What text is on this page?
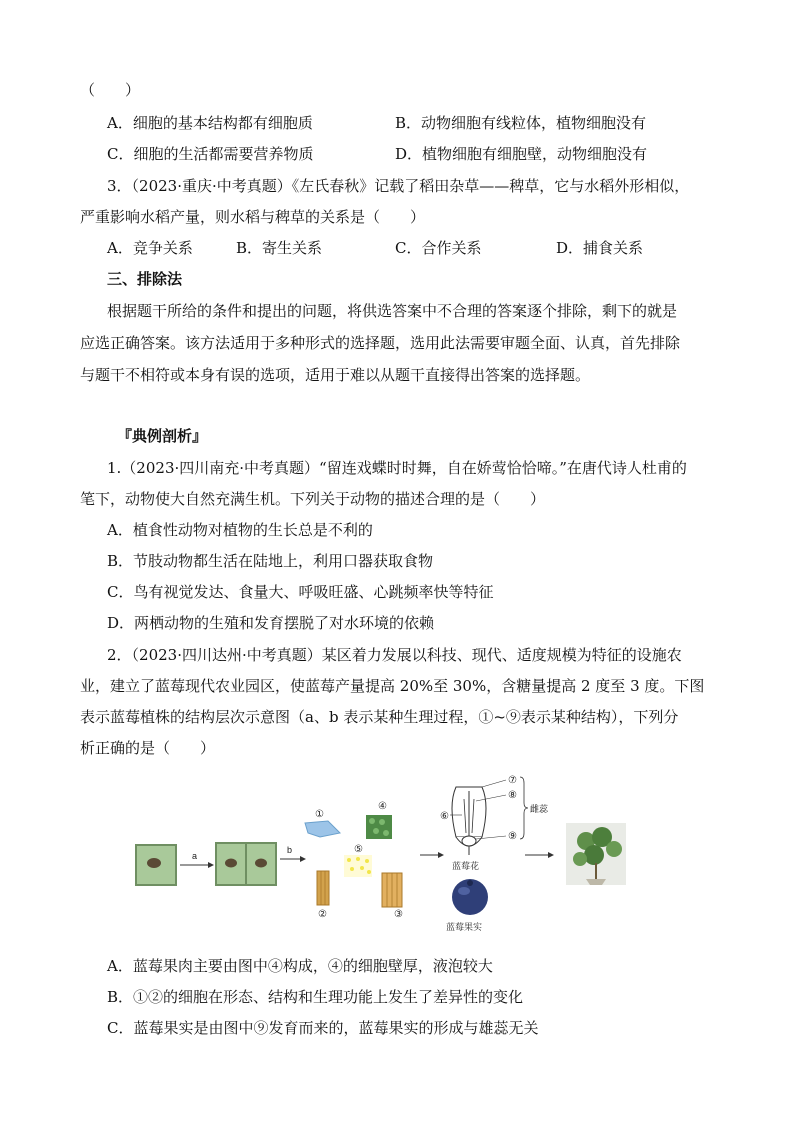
（　　）
A．细胞的基本结构都有细胞质	B．动物细胞有线粒体，植物细胞没有
C．细胞的生活都需要营养物质	D．植物细胞有细胞壁，动物细胞没有
3．（2023·重庆·中考真题）《左氏春秋》记载了稻田杂草——稗草，它与水稻外形相似，
严重影响水稻产量，则水稻与稗草的关系是（　　）
A．竞争关系	B．寄生关系	C．合作关系	D．捕食关系
三、排除法
根据题干所给的条件和提出的问题，将供选答案中不合理的答案逐个排除，剩下的就是
应选正确答案。该方法适用于多种形式的选择题，选用此法需要审题全面、认真，首先排除
与题干不相符或本身有误的选项，适用于难以从题干直接得出答案的选择题。
『典例剖析』
1.（2023·四川南充·中考真题）“留连戏蝶时时舞，自在娇莺恰恰啼。”在唐代诗人杜甫的
笔下，动物使大自然充满生机。下列关于动物的描述合理的是（　　）
A．植食性动物对植物的生长总是不利的
B．节肢动物都生活在陆地上，利用口器获取食物
C．鸟有视觉发达、食量大、呼吸旺盛、心跳频率快等特征
D．两栖动物的生殖和发育摆脱了对水环境的依赖
2．（2023·四川达州·中考真题）某区着力发展以科技、现代、适度规模为特征的设施农
业，建立了蓝莓现代农业园区，使蓝莓产量提高 20%至 30%，含糖量提高 2 度至 3 度。下图
表示蓝莓植株的结构层次示意图（a、b 表示某种生理过程，①~⑨表示某种结构），下列分
析正确的是（　　）
a
b
①
④
⑤
②	③
⑥
⑦
⑧
⑨
雌蕊
蓝莓花
蓝莓果实
A．蓝莓果肉主要由图中④构成，④的细胞壁厚，液泡较大
B．①②的细胞在形态、结构和生理功能上发生了差异性的变化
C．蓝莓果实是由图中⑨发育而来的，蓝莓果实的形成与雄蕊无关
